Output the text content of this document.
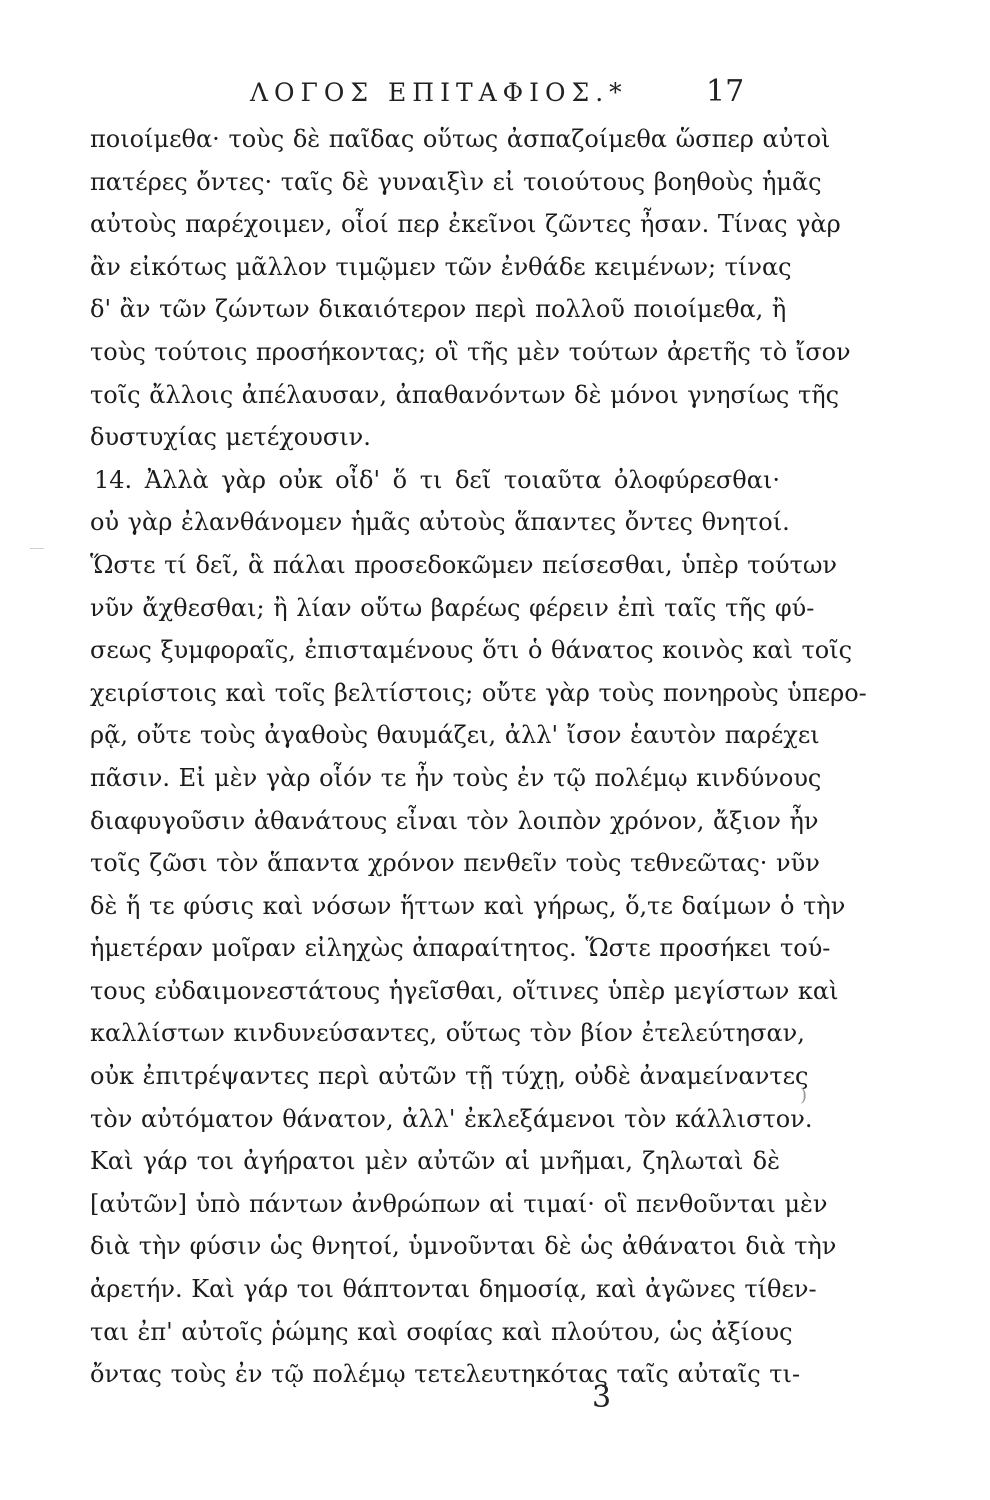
ΛΟΓΟΣ ΕΠΙΤΑΦΙΟΣ.*	17
ποιοίμεθα· τοὺς δὲ παῖδας οὕτως ἀσπαζοίμεθα ὥσπερ αὐτοὶ
πατέρες ὄντες· ταῖς δὲ γυναιξὶν εἰ τοιούτους βοηθοὺς ἡμᾶς
αὐτοὺς παρέχοιμεν, οἷοί περ ἐκεῖνοι ζῶντες ἦσαν. Τίνας γὰρ
ἂν εἰκότως μᾶλλον τιμῷμεν τῶν ἐνθάδε κειμένων; τίνας
δ' ἂν τῶν ζώντων δικαιότερον περὶ πολλοῦ ποιοίμεθα, ἢ
τοὺς τούτοις προσήκοντας; οἳ τῆς μὲν τούτων ἀρετῆς τὸ ἴσον
τοῖς ἄλλοις ἀπέλαυσαν, ἀπαθανόντων δὲ μόνοι γνησίως τῆς
δυστυχίας μετέχουσιν.
14. Ἀλλὰ γὰρ οὐκ οἶδ' ὅ τι δεῖ τοιαῦτα ὀλοφύρεσθαι·
οὐ γὰρ ἐλανθάνομεν ἡμᾶς αὐτοὺς ἅπαντες ὄντες θνητοί.
Ὥστε τί δεῖ, ἃ πάλαι προσεδοκῶμεν πείσεσθαι, ὑπὲρ τούτων
νῦν ἄχθεσθαι; ἢ λίαν οὕτω βαρέως φέρειν ἐπὶ ταῖς τῆς φύ-
σεως ξυμφοραῖς, ἐπισταμένους ὅτι ὁ θάνατος κοινὸς καὶ τοῖς
χειρίστοις καὶ τοῖς βελτίστοις; οὔτε γὰρ τοὺς πονηροὺς ὑπερο-
ρᾷ, οὔτε τοὺς ἀγαθοὺς θαυμάζει, ἀλλ' ἴσον ἑαυτὸν παρέχει
πᾶσιν. Εἰ μὲν γὰρ οἷόν τε ἦν τοὺς ἐν τῷ πολέμῳ κινδύνους
διαφυγοῦσιν ἀθανάτους εἶναι τὸν λοιπὸν χρόνον, ἄξιον ἦν
τοῖς ζῶσι τὸν ἅπαντα χρόνον πενθεῖν τοὺς τεθνεῶτας· νῦν
δὲ ἥ τε φύσις καὶ νόσων ἥττων καὶ γήρως, ὅ,τε δαίμων ὁ τὴν
ἡμετέραν μοῖραν εἰληχὼς ἀπαραίτητος. Ὥστε προσήκει τού-
τους εὐδαιμονεστάτους ἡγεῖσθαι, οἵτινες ὑπὲρ μεγίστων καὶ
καλλίστων κινδυνεύσαντες, οὕτως τὸν βίον ἐτελεύτησαν,
οὐκ ἐπιτρέψαντες περὶ αὐτῶν τῇ τύχῃ, οὐδὲ ἀναμείναντες
τὸν αὐτόματον θάνατον, ἀλλ' ἐκλεξάμενοι τὸν κάλλιστον.
Καὶ γάρ τοι ἀγήρατοι μὲν αὐτῶν αἱ μνῆμαι, ζηλωταὶ δὲ
[αὐτῶν] ὑπὸ πάντων ἀνθρώπων αἱ τιμαί· οἳ πενθοῦνται μὲν
διὰ τὴν φύσιν ὡς θνητοί, ὑμνοῦνται δὲ ὡς ἀθάνατοι διὰ τὴν
ἀρετήν. Καὶ γάρ τοι θάπτονται δημοσίᾳ, καὶ ἀγῶνες τίθεν-
ται ἐπ' αὐτοῖς ῥώμης καὶ σοφίας καὶ πλούτου, ὡς ἀξίους
ὄντας τοὺς ἐν τῷ πολέμῳ τετελευτηκότας ταῖς αὐταῖς τι-
)
3
